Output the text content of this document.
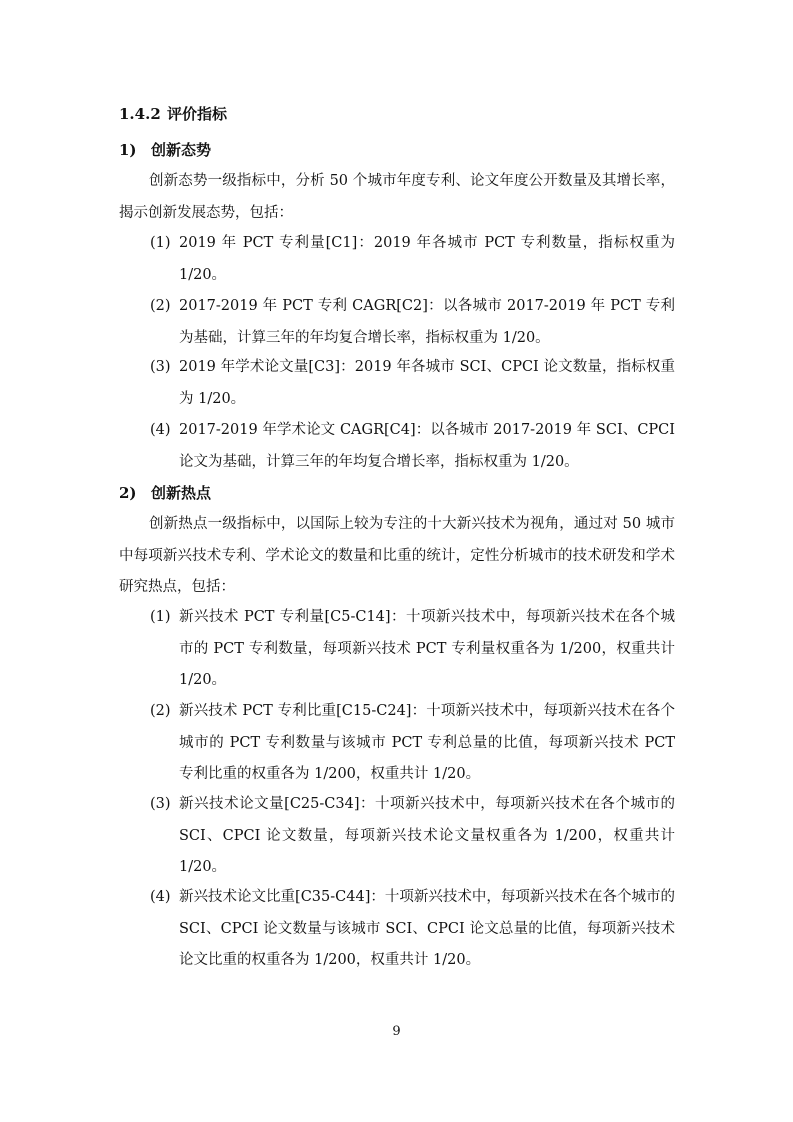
1.4.2 评价指标
1) 创新态势

创新态势一级指标中，分析 50 个城市年度专利、论文年度公开数量及其增长率，揭示创新发展态势，包括：

(1) 2019 年 PCT 专利量[C1]：2019 年各城市 PCT 专利数量，指标权重为 1/20。
(2) 2017-2019 年 PCT 专利 CAGR[C2]：以各城市 2017-2019 年 PCT 专利为基础，计算三年的年均复合增长率，指标权重为 1/20。
(3) 2019 年学术论文量[C3]：2019 年各城市 SCI、CPCI 论文数量，指标权重为 1/20。
(4) 2017-2019 年学术论文 CAGR[C4]：以各城市 2017-2019 年 SCI、CPCI 论文为基础，计算三年的年均复合增长率，指标权重为 1/20。
2) 创新热点

创新热点一级指标中，以国际上较为专注的十大新兴技术为视角，通过对 50 城市中每项新兴技术专利、学术论文的数量和比重的统计，定性分析城市的技术研发和学术研究热点，包括：

(1) 新兴技术 PCT 专利量[C5-C14]：十项新兴技术中，每项新兴技术在各个城市的 PCT 专利数量，每项新兴技术 PCT 专利量权重各为 1/200，权重共计 1/20。
(2) 新兴技术 PCT 专利比重[C15-C24]：十项新兴技术中，每项新兴技术在各个城市的 PCT 专利数量与该城市 PCT 专利总量的比值，每项新兴技术 PCT 专利比重的权重各为 1/200，权重共计 1/20。
(3) 新兴技术论文量[C25-C34]：十项新兴技术中，每项新兴技术在各个城市的 SCI、CPCI 论文数量，每项新兴技术论文量权重各为 1/200，权重共计 1/20。
(4) 新兴技术论文比重[C35-C44]：十项新兴技术中，每项新兴技术在各个城市的 SCI、CPCI 论文数量与该城市 SCI、CPCI 论文总量的比值，每项新兴技术论文比重的权重各为 1/200，权重共计 1/20。
9
